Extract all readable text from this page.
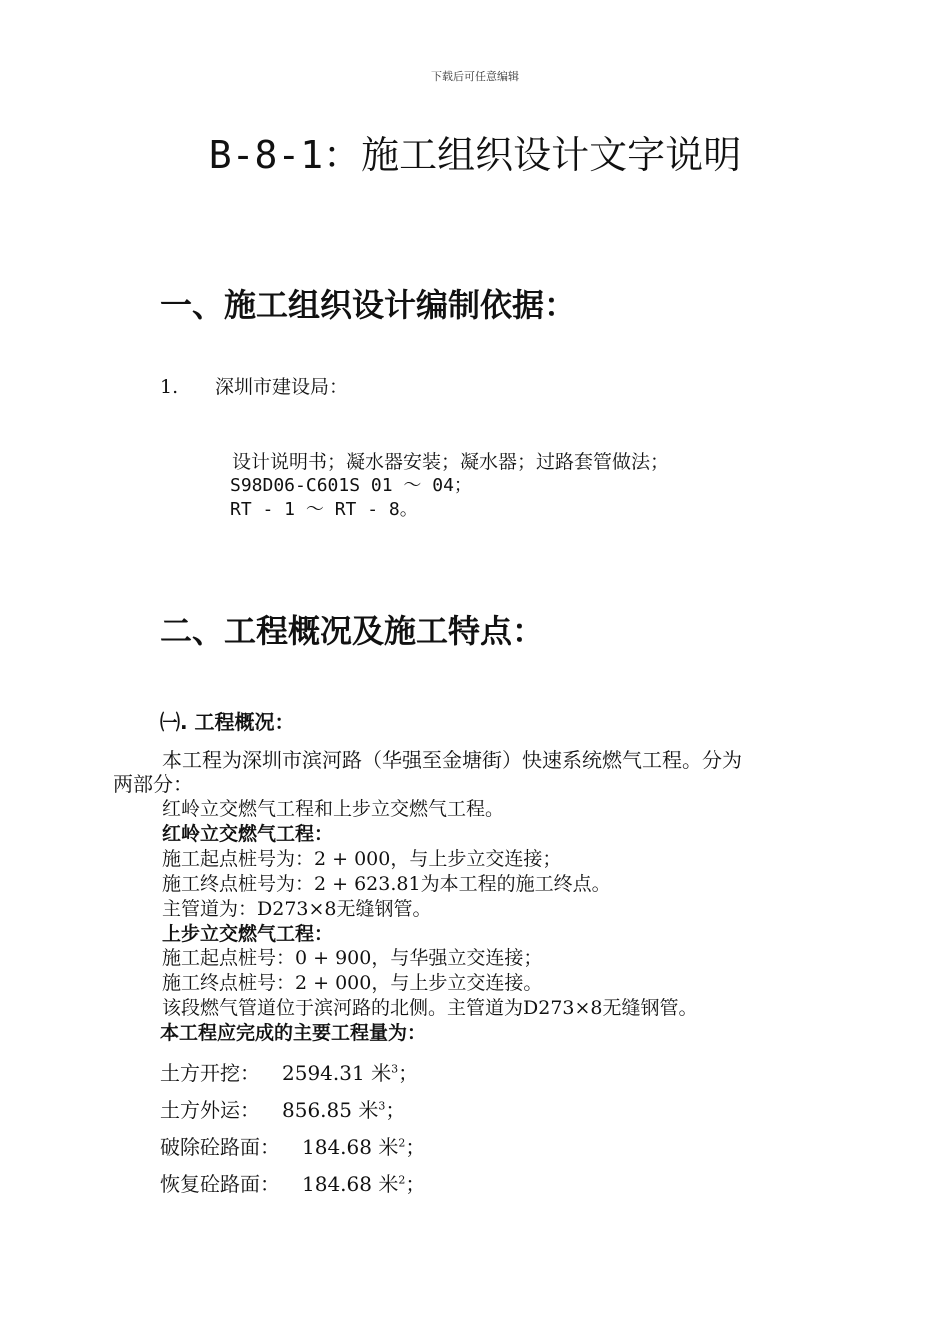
下载后可任意编辑
B-8-1：施工组织设计文字说明
一、施工组织设计编制依据：
1. 深圳市建设局：
设计说明书；凝水器安装；凝水器；过路套管做法；
S98D06-C601S 01 ～ 04；
RT - 1 ～ RT - 8。
二、工程概况及施工特点：
㈠. 工程概况：
本工程为深圳市滨河路（华强至金塘街）快速系统燃气工程。分为
两部分：
红岭立交燃气工程和上步立交燃气工程。
红岭立交燃气工程：
施工起点桩号为：2 + 000，与上步立交连接；
施工终点桩号为：2 + 623.81为本工程的施工终点。
主管道为：D273×8无缝钢管。
上步立交燃气工程：
施工起点桩号：0 + 900，与华强立交连接；
施工终点桩号：2 + 000，与上步立交连接。
该段燃气管道位于滨河路的北侧。主管道为D273×8无缝钢管。
本工程应完成的主要工程量为：
土方开挖： 2594.31 米$^3$；
土方外运： 856.85 米$^3$；
破除砼路面： 184.68 米$^2$；
恢复砼路面： 184.68 米$^2$；
